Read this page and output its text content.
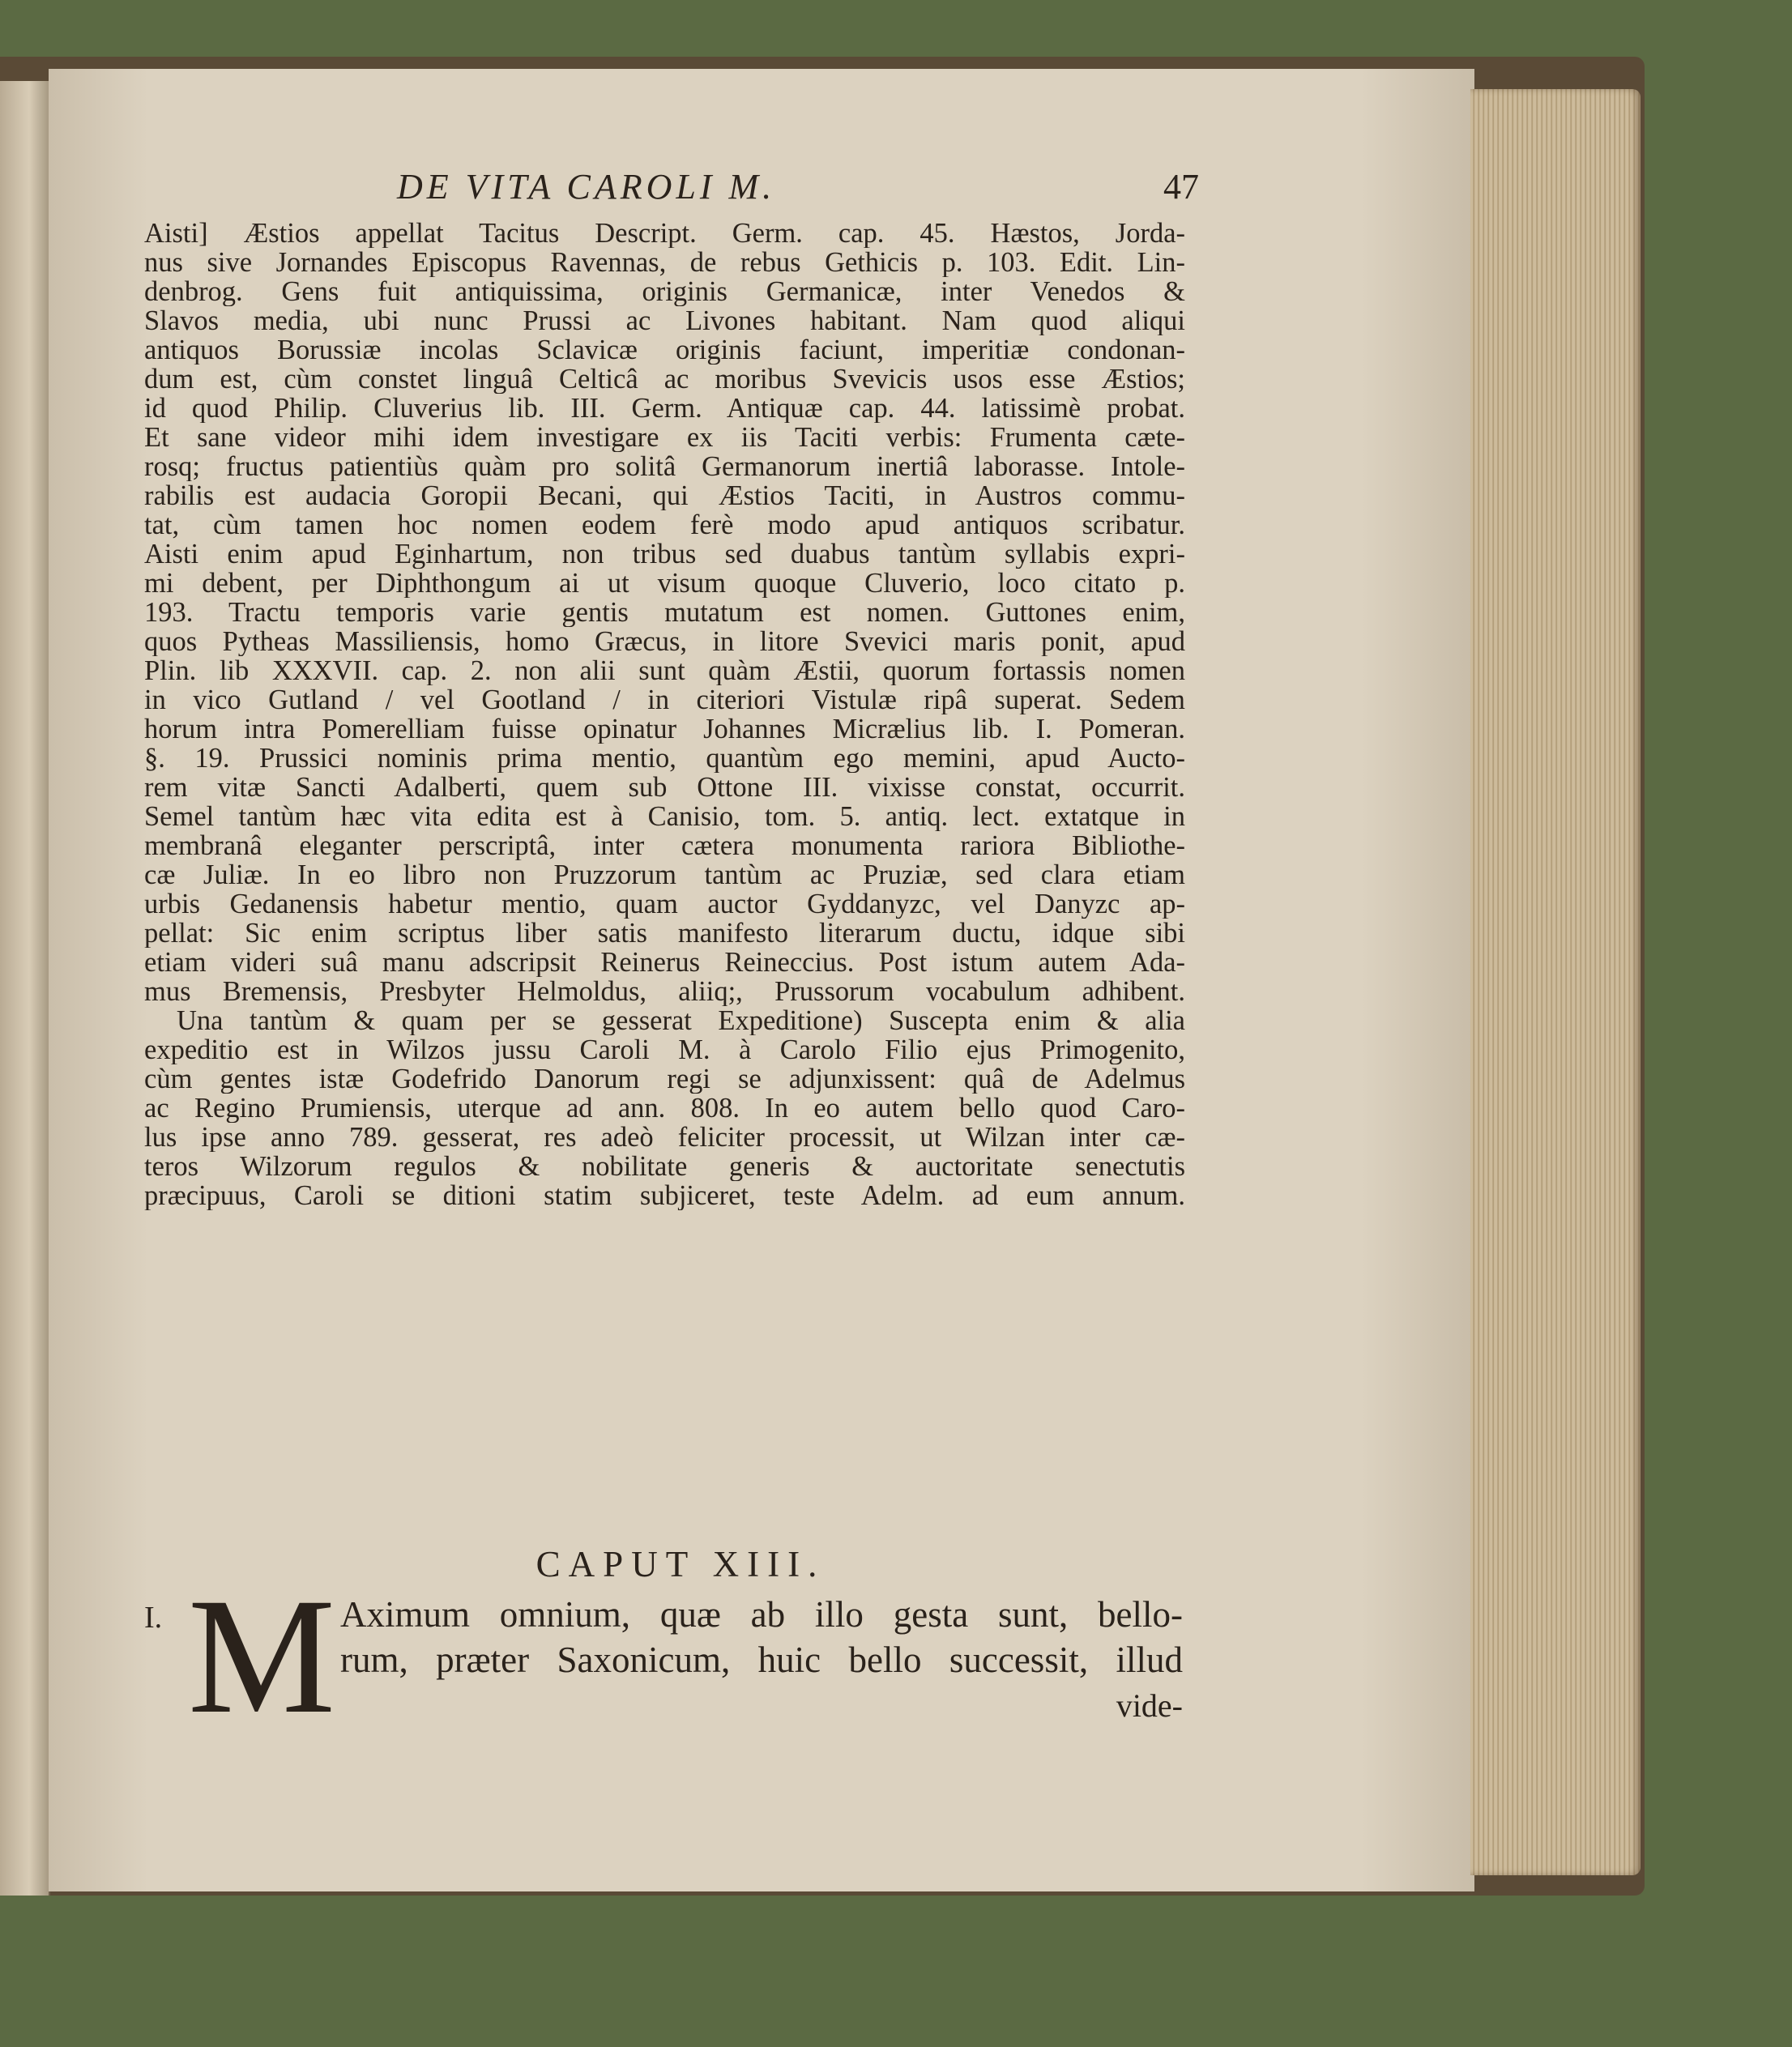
DE VITA CAROLI M.	47
Aisti] Æstios appellat Tacitus Descript. Germ. cap. 45. Hæstos, Jorda-
nus sive Jornandes Episcopus Ravennas, de rebus Gethicis p. 103. Edit. Lin-
denbrog. Gens fuit antiquissima, originis Germanicæ, inter Venedos &
Slavos media, ubi nunc Prussi ac Livones habitant. Nam quod aliqui
antiquos Borussiæ incolas Sclavicæ originis faciunt, imperitiæ condonan-
dum est, cùm constet linguâ Celticâ ac moribus Svevicis usos esse Æstios;
id quod Philip. Cluverius lib. III. Germ. Antiquæ cap. 44. latissimè probat.
Et sane videor mihi idem investigare ex iis Taciti verbis: Frumenta cæte-
rosq; fructus patientiùs quàm pro solitâ Germanorum inertiâ laborasse. Intole-
rabilis est audacia Goropii Becani, qui Æstios Taciti, in Austros commu-
tat, cùm tamen hoc nomen eodem ferè modo apud antiquos scribatur.
Aisti enim apud Eginhartum, non tribus sed duabus tantùm syllabis expri-
mi debent, per Diphthongum ai ut visum quoque Cluverio, loco citato p.
193. Tractu temporis varie gentis mutatum est nomen. Guttones enim,
quos Pytheas Massiliensis, homo Græcus, in litore Svevici maris ponit, apud
Plin. lib XXXVII. cap. 2. non alii sunt quàm Æstii, quorum fortassis nomen
in vico Gutland / vel Gootland / in citeriori Vistulæ ripâ superat. Sedem
horum intra Pomerelliam fuisse opinatur Johannes Micrælius lib. I. Pomeran.
§. 19. Prussici nominis prima mentio, quantùm ego memini, apud Aucto-
rem vitæ Sancti Adalberti, quem sub Ottone III. vixisse constat, occurrit.
Semel tantùm hæc vita edita est à Canisio, tom. 5. antiq. lect. extatque in
membranâ eleganter perscriptâ, inter cætera monumenta rariora Bibliothe-
cæ Juliæ. In eo libro non Pruzzorum tantùm ac Pruziæ, sed clara etiam
urbis Gedanensis habetur mentio, quam auctor Gyddanyzc, vel Danyzc ap-
pellat: Sic enim scriptus liber satis manifesto literarum ductu, idque sibi
etiam videri suâ manu adscripsit Reinerus Reineccius. Post istum autem Ada-
mus Bremensis, Presbyter Helmoldus, aliiq;, Prussorum vocabulum adhibent.
Una tantùm & quam per se gesserat Expeditione) Suscepta enim & alia
expeditio est in Wilzos jussu Caroli M. à Carolo Filio ejus Primogenito,
cùm gentes istæ Godefrido Danorum regi se adjunxissent: quâ de Adelmus
ac Regino Prumiensis, uterque ad ann. 808. In eo autem bello quod Caro-
lus ipse anno 789. gesserat, res adeò feliciter processit, ut Wilzan inter cæ-
teros Wilzorum regulos & nobilitate generis & auctoritate senectutis
præcipuus, Caroli se ditioni statim subjiceret, teste Adelm. ad eum annum.
CAPUT XIII.
I. M Aximum omnium, quæ ab illo gesta sunt, bello-
rum, præter Saxonicum, huic bello successit, illud
vide-
